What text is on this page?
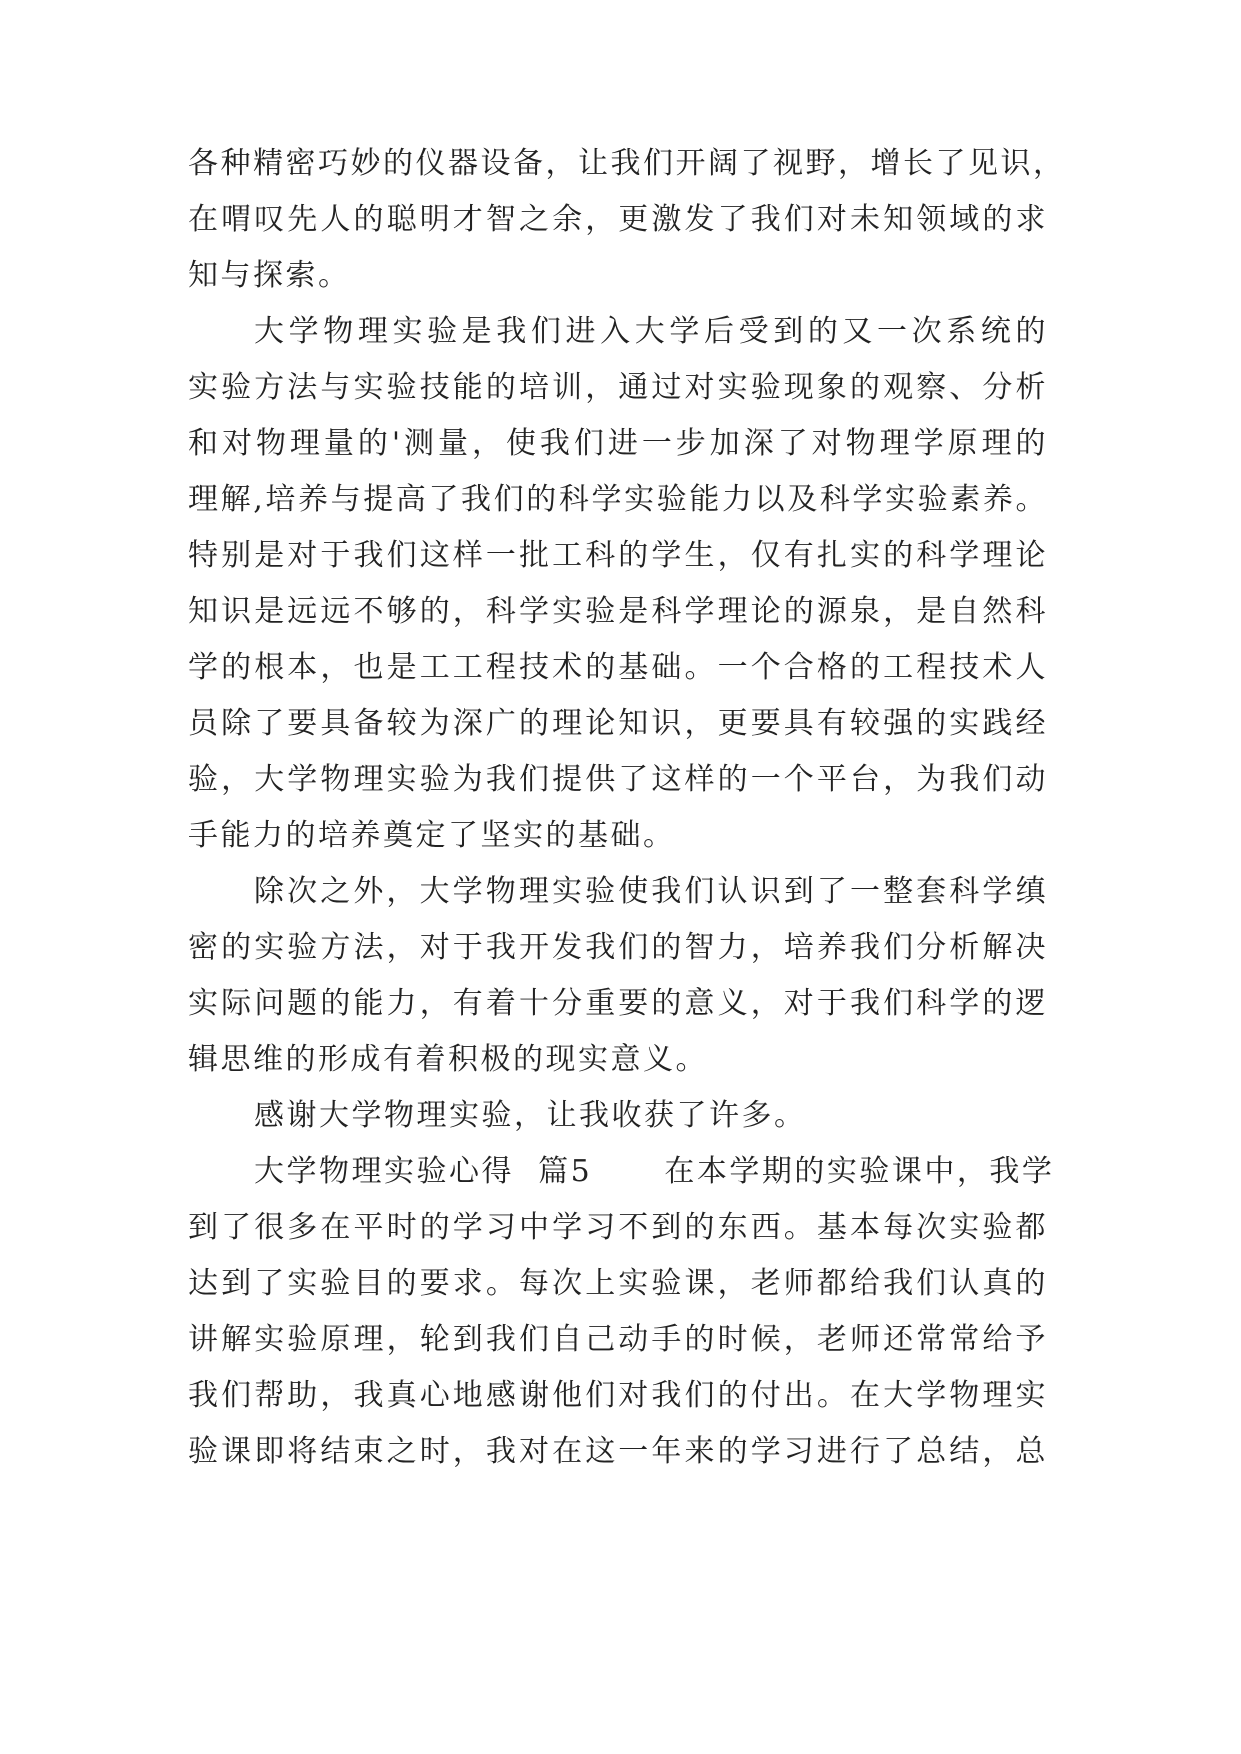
各种精密巧妙的仪器设备，让我们开阔了视野，增长了见识，
在喟叹先人的聪明才智之余，更激发了我们对未知领域的求
知与探索。
大学物理实验是我们进入大学后受到的又一次系统的
实验方法与实验技能的培训，通过对实验现象的观察、分析
和对物理量的'测量，使我们进一步加深了对物理学原理的
理解,培养与提高了我们的科学实验能力以及科学实验素养。
特别是对于我们这样一批工科的学生，仅有扎实的科学理论
知识是远远不够的，科学实验是科学理论的源泉，是自然科
学的根本，也是工工程技术的基础。一个合格的工程技术人
员除了要具备较为深广的理论知识，更要具有较强的实践经
验，大学物理实验为我们提供了这样的一个平台，为我们动
手能力的培养奠定了坚实的基础。
除次之外，大学物理实验使我们认识到了一整套科学缜
密的实验方法，对于我开发我们的智力，培养我们分析解决
实际问题的能力，有着十分重要的意义，对于我们科学的逻
辑思维的形成有着积极的现实意义。
感谢大学物理实验，让我收获了许多。
大学物理实验心得  篇5      在本学期的实验课中，我学
到了很多在平时的学习中学习不到的东西。基本每次实验都
达到了实验目的要求。每次上实验课，老师都给我们认真的
讲解实验原理，轮到我们自己动手的时候，老师还常常给予
我们帮助，我真心地感谢他们对我们的付出。在大学物理实
验课即将结束之时，我对在这一年来的学习进行了总结，总
